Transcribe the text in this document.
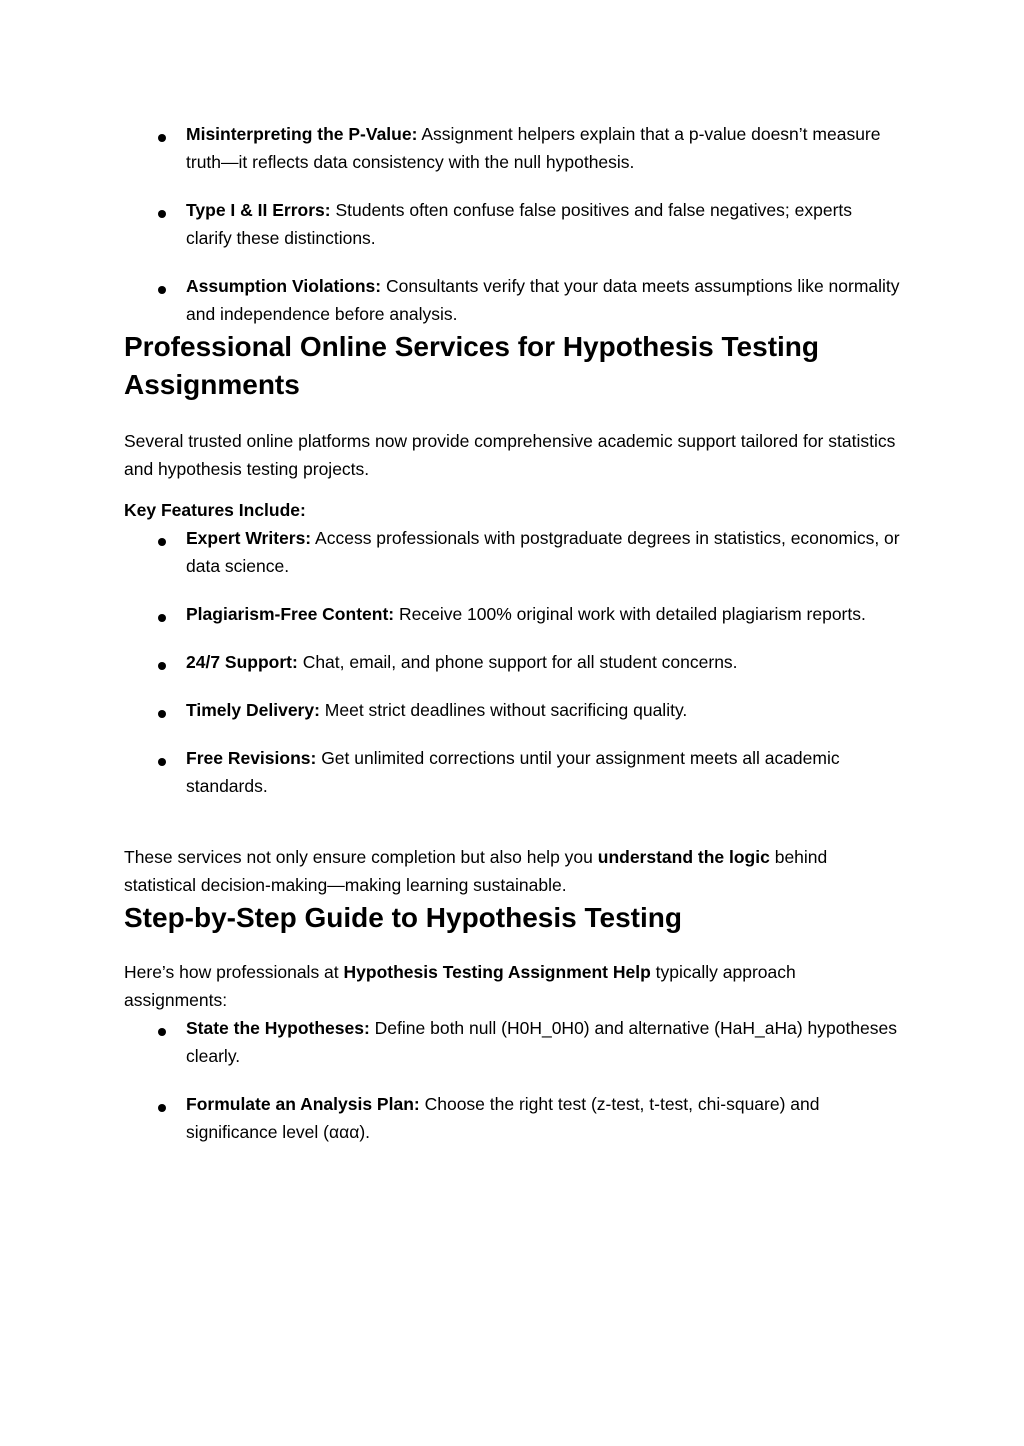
Misinterpreting the P-Value: Assignment helpers explain that a p-value doesn’t measure truth—it reflects data consistency with the null hypothesis.
Type I & II Errors: Students often confuse false positives and false negatives; experts clarify these distinctions.
Assumption Violations: Consultants verify that your data meets assumptions like normality and independence before analysis.
Professional Online Services for Hypothesis Testing Assignments

Several trusted online platforms now provide comprehensive academic support tailored for statistics and hypothesis testing projects.

Key Features Include:

Expert Writers: Access professionals with postgraduate degrees in statistics, economics, or data science.
Plagiarism-Free Content: Receive 100% original work with detailed plagiarism reports.
24/7 Support: Chat, email, and phone support for all student concerns.
Timely Delivery: Meet strict deadlines without sacrificing quality.
Free Revisions: Get unlimited corrections until your assignment meets all academic standards.

These services not only ensure completion but also help you understand the logic behind statistical decision-making—making learning sustainable.

Step-by-Step Guide to Hypothesis Testing

Here’s how professionals at Hypothesis Testing Assignment Help typically approach assignments:

State the Hypotheses: Define both null (H0H_0H0) and alternative (HaH_aHa) hypotheses clearly.
Formulate an Analysis Plan: Choose the right test (z-test, t-test, chi-square) and significance level (ααα).
